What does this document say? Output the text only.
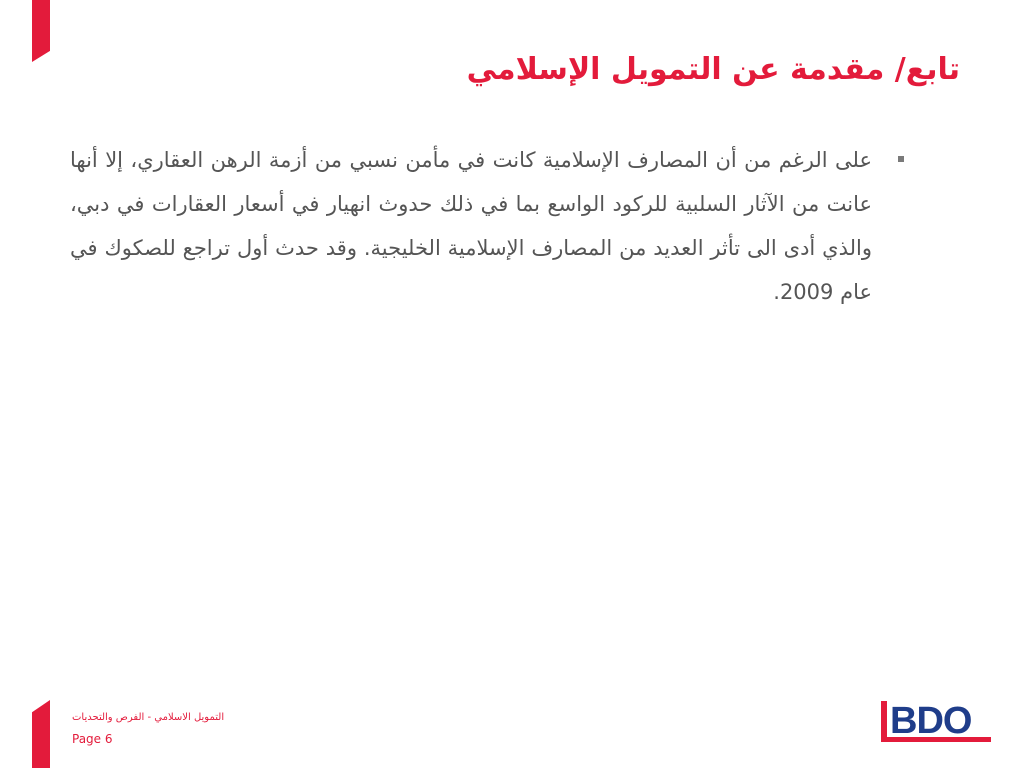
تابع/ مقدمة عن التمويل الإسلامي

على الرغم من أن المصارف الإسلامية كانت في مأمن نسبي من أزمة الرهن العقاري، إلا أنها عانت من الآثار السلبية للركود الواسع بما في ذلك حدوث انهيار في أسعار العقارات في دبي، والذي أدى الى تأثر العديد من المصارف الإسلامية الخليجية. وقد حدث أول تراجع للصكوك في عام 2009.

التمويل الاسلامي - الفرص والتحديات
Page 6	BDO
